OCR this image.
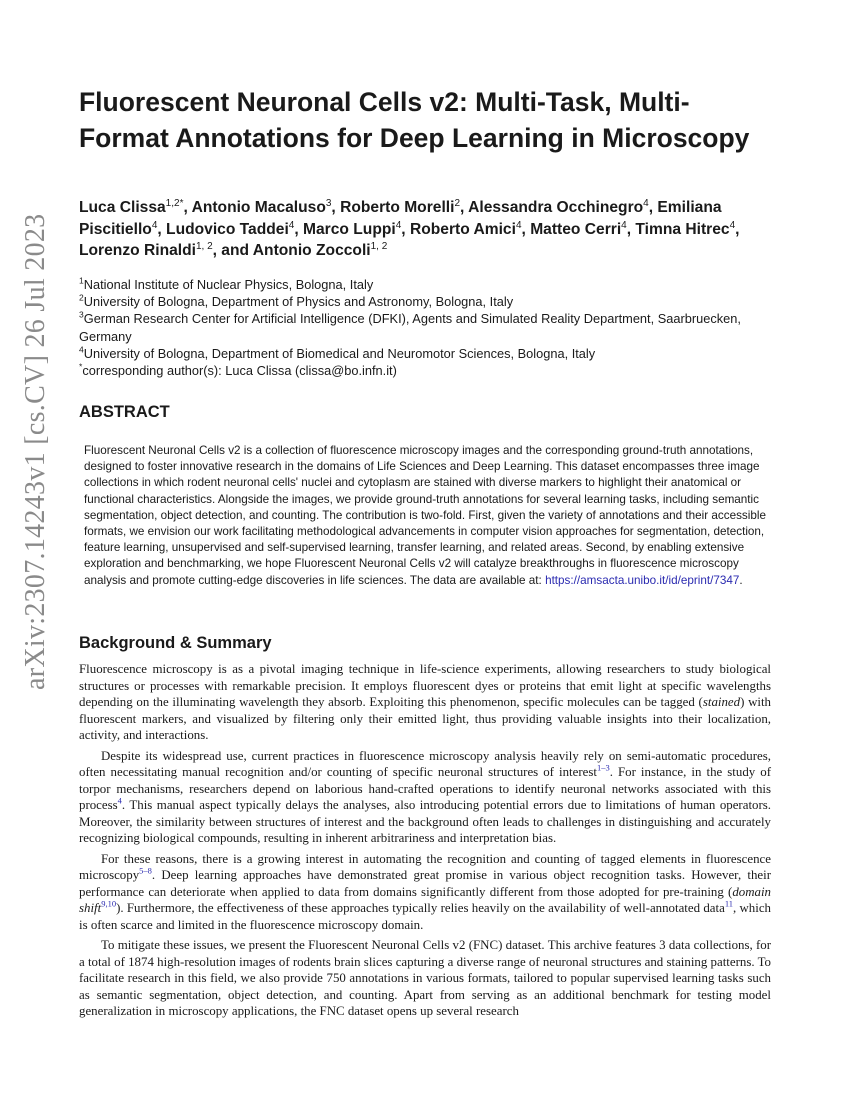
arXiv:2307.14243v1 [cs.CV] 26 Jul 2023
Fluorescent Neuronal Cells v2: Multi-Task, Multi-Format Annotations for Deep Learning in Microscopy

Luca Clissa$^{1,2*}$, Antonio Macaluso$^3$, Roberto Morelli$^2$, Alessandra Occhinegro$^4$, Emiliana Piscitiello$^4$, Ludovico Taddei$^4$, Marco Luppi$^4$, Roberto Amici$^4$, Matteo Cerri$^4$, Timna Hitrec$^4$, Lorenzo Rinaldi$^{1, 2}$, and Antonio Zoccoli$^{1, 2}$

$^1$National Institute of Nuclear Physics, Bologna, Italy
$^2$University of Bologna, Department of Physics and Astronomy, Bologna, Italy
$^3$German Research Center for Artificial Intelligence (DFKI), Agents and Simulated Reality Department, Saarbruecken, Germany
$^4$University of Bologna, Department of Biomedical and Neuromotor Sciences, Bologna, Italy
*corresponding author(s): Luca Clissa (clissa@bo.infn.it)
ABSTRACT

Fluorescent Neuronal Cells v2 is a collection of fluorescence microscopy images and the corresponding ground-truth annotations, designed to foster innovative research in the domains of Life Sciences and Deep Learning. This dataset encompasses three image collections in which rodent neuronal cells' nuclei and cytoplasm are stained with diverse markers to highlight their anatomical or functional characteristics. Alongside the images, we provide ground-truth annotations for several learning tasks, including semantic segmentation, object detection, and counting. The contribution is two-fold. First, given the variety of annotations and their accessible formats, we envision our work facilitating methodological advancements in computer vision approaches for segmentation, detection, feature learning, unsupervised and self-supervised learning, transfer learning, and related areas. Second, by enabling extensive exploration and benchmarking, we hope Fluorescent Neuronal Cells v2 will catalyze breakthroughs in fluorescence microscopy analysis and promote cutting-edge discoveries in life sciences. The data are available at: https://amsacta.unibo.it/id/eprint/7347.

Background & Summary

Fluorescence microscopy is as a pivotal imaging technique in life-science experiments, allowing researchers to study biological structures or processes with remarkable precision. It employs fluorescent dyes or proteins that emit light at specific wavelengths depending on the illuminating wavelength they absorb. Exploiting this phenomenon, specific molecules can be tagged (stained) with fluorescent markers, and visualized by filtering only their emitted light, thus providing valuable insights into their localization, activity, and interactions.

Despite its widespread use, current practices in fluorescence microscopy analysis heavily rely on semi-automatic procedures, often necessitating manual recognition and/or counting of specific neuronal structures of interest$^{1-3}$. For instance, in the study of torpor mechanisms, researchers depend on laborious hand-crafted operations to identify neuronal networks associated with this process$^4$. This manual aspect typically delays the analyses, also introducing potential errors due to limitations of human operators. Moreover, the similarity between structures of interest and the background often leads to challenges in distinguishing and accurately recognizing biological compounds, resulting in inherent arbitrariness and interpretation bias.

For these reasons, there is a growing interest in automating the recognition and counting of tagged elements in fluorescence microscopy$^{5-8}$. Deep learning approaches have demonstrated great promise in various object recognition tasks. However, their performance can deteriorate when applied to data from domains significantly different from those adopted for pre-training (domain shift$^{9,10}$). Furthermore, the effectiveness of these approaches typically relies heavily on the availability of well-annotated data$^{11}$, which is often scarce and limited in the fluorescence microscopy domain.

To mitigate these issues, we present the Fluorescent Neuronal Cells v2 (FNC) dataset. This archive features 3 data collections, for a total of 1874 high-resolution images of rodents brain slices capturing a diverse range of neuronal structures and staining patterns. To facilitate research in this field, we also provide 750 annotations in various formats, tailored to popular supervised learning tasks such as semantic segmentation, object detection, and counting. Apart from serving as an additional benchmark for testing model generalization in microscopy applications, the FNC dataset opens up several research
